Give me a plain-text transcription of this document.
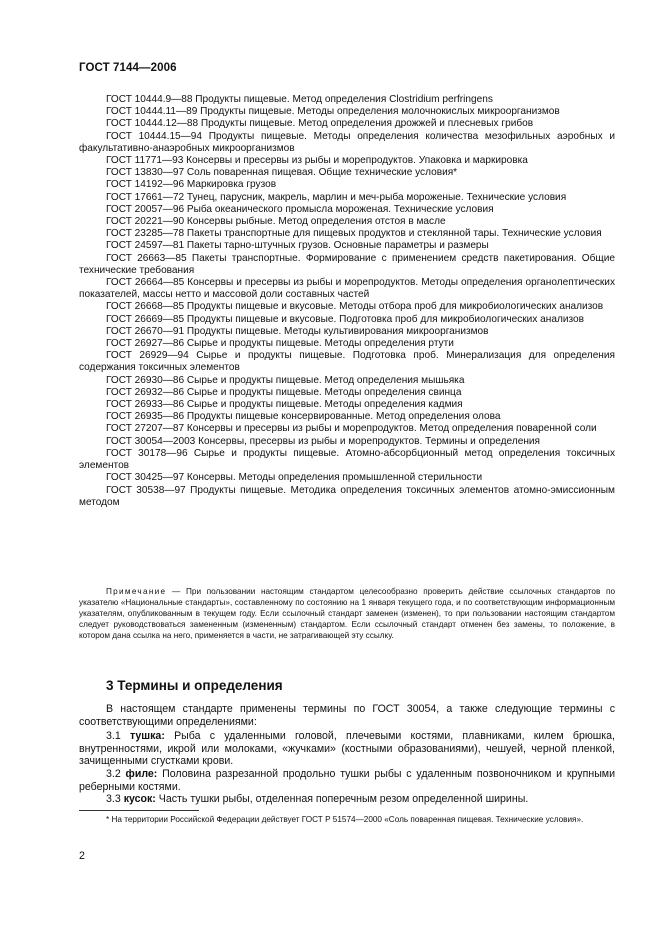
ГОСТ 7144—2006

ГОСТ 10444.9—88 Продукты пищевые. Метод определения Clostridium perfringens

ГОСТ 10444.11—89 Продукты пищевые. Методы определения молочнокислых микроорганизмов

ГОСТ 10444.12—88 Продукты пищевые. Метод определения дрожжей и плесневых грибов

ГОСТ 10444.15—94 Продукты пищевые. Методы определения количества мезофильных аэробных и факультативно-анаэробных микроорганизмов

ГОСТ 11771—93 Консервы и пресервы из рыбы и морепродуктов. Упаковка и маркировка

ГОСТ 13830—97 Соль поваренная пищевая. Общие технические условия*

ГОСТ 14192—96 Маркировка грузов

ГОСТ 17661—72 Тунец, парусник, макрель, марлин и меч-рыба мороженые. Технические условия

ГОСТ 20057—96 Рыба океанического промысла мороженая. Технические условия

ГОСТ 20221—90 Консервы рыбные. Метод определения отстоя в масле

ГОСТ 23285—78 Пакеты транспортные для пищевых продуктов и стеклянной тары. Технические условия

ГОСТ 24597—81 Пакеты тарно-штучных грузов. Основные параметры и размеры

ГОСТ 26663—85 Пакеты транспортные. Формирование с применением средств пакетирования. Общие технические требования

ГОСТ 26664—85 Консервы и пресервы из рыбы и морепродуктов. Методы определения органолептических показателей, массы нетто и массовой доли составных частей

ГОСТ 26668—85 Продукты пищевые и вкусовые. Методы отбора проб для микробиологических анализов

ГОСТ 26669—85 Продукты пищевые и вкусовые. Подготовка проб для микробиологических анализов

ГОСТ 26670—91 Продукты пищевые. Методы культивирования микроорганизмов

ГОСТ 26927—86 Сырье и продукты пищевые. Методы определения ртути

ГОСТ 26929—94 Сырье и продукты пищевые. Подготовка проб. Минерализация для определения содержания токсичных элементов

ГОСТ 26930—86 Сырье и продукты пищевые. Метод определения мышьяка

ГОСТ 26932—86 Сырье и продукты пищевые. Методы определения свинца

ГОСТ 26933—86 Сырье и продукты пищевые. Методы определения кадмия

ГОСТ 26935—86 Продукты пищевые консервированные. Метод определения олова

ГОСТ 27207—87 Консервы и пресервы из рыбы и морепродуктов. Метод определения поваренной соли

ГОСТ 30054—2003 Консервы, пресервы из рыбы и морепродуктов. Термины и определения

ГОСТ 30178—96 Сырье и продукты пищевые. Атомно-абсорбционный метод определения токсичных элементов

ГОСТ 30425—97 Консервы. Методы определения промышленной стерильности

ГОСТ 30538—97 Продукты пищевые. Методика определения токсичных элементов атомно-эмиссионным методом

Примечание — При пользовании настоящим стандартом целесообразно проверить действие ссылочных стандартов по указателю «Национальные стандарты», составленному по состоянию на 1 января текущего года, и по соответствующим информационным указателям, опубликованным в текущем году. Если ссылочный стандарт заменен (изменен), то при пользовании настоящим стандартом следует руководствоваться замененным (измененным) стандартом. Если ссылочный стандарт отменен без замены, то положение, в котором дана ссылка на него, применяется в части, не затрагивающей эту ссылку.
3 Термины и определения

В настоящем стандарте применены термины по ГОСТ 30054, а также следующие термины с соответствующими определениями:

3.1 тушка: Рыба с удаленными головой, плечевыми костями, плавниками, килем брюшка, внутренностями, икрой или молоками, «жучками» (костными образованиями), чешуей, черной пленкой, зачищенными сгустками крови.

3.2 филе: Половина разрезанной продольно тушки рыбы с удаленным позвоночником и крупными реберными костями.

3.3 кусок: Часть тушки рыбы, отделенная поперечным резом определенной ширины.

* На территории Российской Федерации действует ГОСТ Р 51574—2000 «Соль поваренная пищевая. Технические условия».
2
